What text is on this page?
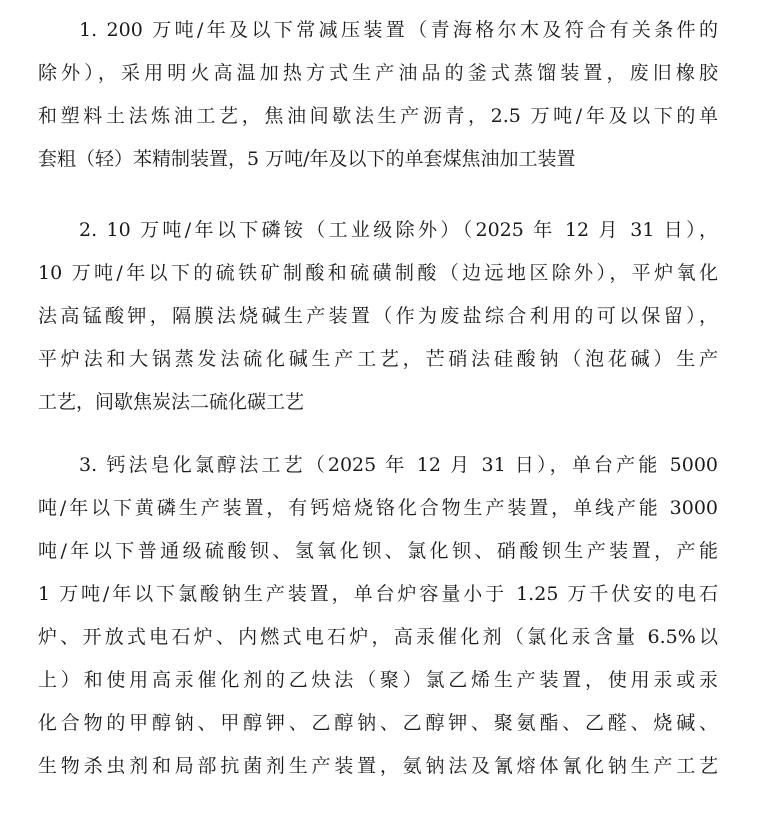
1. 200 万吨/年及以下常减压装置（青海格尔木及符合有关条件的
除外），采用明火高温加热方式生产油品的釜式蒸馏装置，废旧橡胶
和塑料土法炼油工艺，焦油间歇法生产沥青，2.5 万吨/年及以下的单
套粗（轻）苯精制装置，5 万吨/年及以下的单套煤焦油加工装置
2. 10 万吨/年以下磷铵（工业级除外）（2025 年 12 月 31 日），
10 万吨/年以下的硫铁矿制酸和硫磺制酸（边远地区除外），平炉氧化
法高锰酸钾，隔膜法烧碱生产装置（作为废盐综合利用的可以保留），
平炉法和大锅蒸发法硫化碱生产工艺，芒硝法硅酸钠（泡花碱）生产
工艺，间歇焦炭法二硫化碳工艺
3. 钙法皂化氯醇法工艺（2025 年 12 月 31 日），单台产能 5000
吨/年以下黄磷生产装置，有钙焙烧铬化合物生产装置，单线产能 3000
吨/年以下普通级硫酸钡、氢氧化钡、氯化钡、硝酸钡生产装置，产能
1 万吨/年以下氯酸钠生产装置，单台炉容量小于 1.25 万千伏安的电石
炉、开放式电石炉、内燃式电石炉，高汞催化剂（氯化汞含量 6.5%以
上）和使用高汞催化剂的乙炔法（聚）氯乙烯生产装置，使用汞或汞
化合物的甲醇钠、甲醇钾、乙醇钠、乙醇钾、聚氨酯、乙醛、烧碱、
生物杀虫剂和局部抗菌剂生产装置，氨钠法及氰熔体氰化钠生产工艺
